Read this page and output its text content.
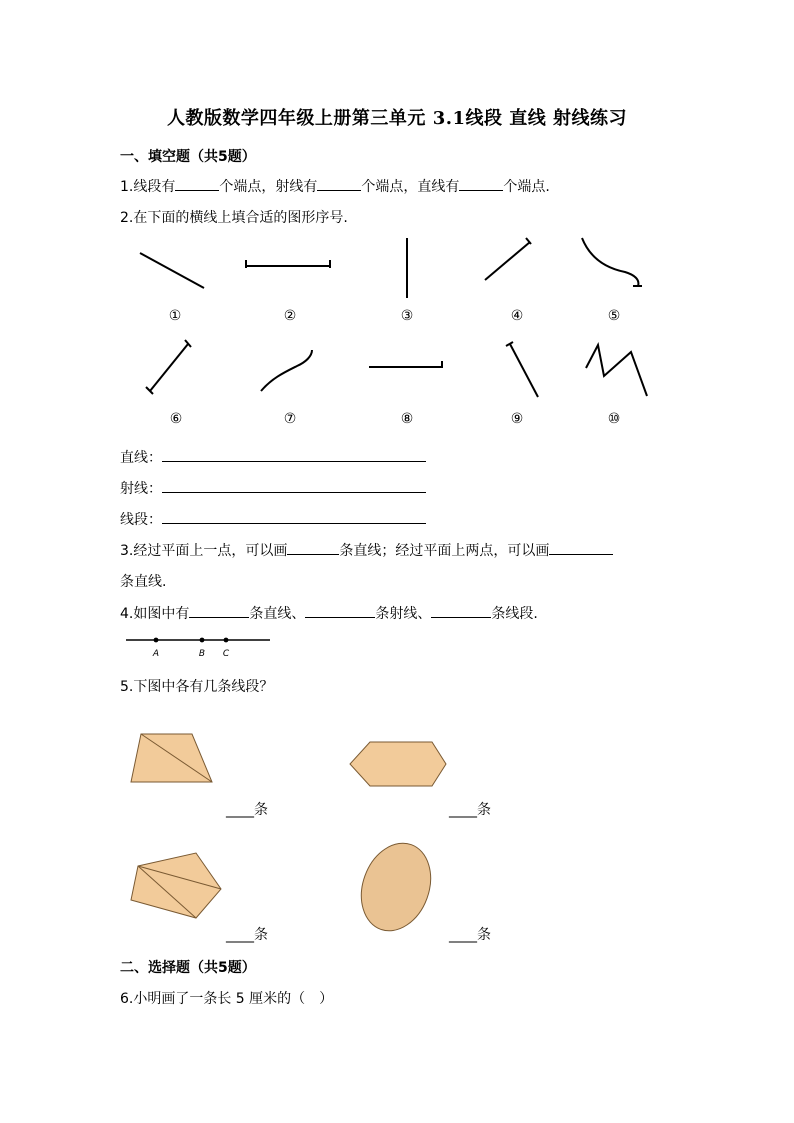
人教版数学四年级上册第三单元 3.1线段 直线 射线练习
一、填空题（共5题）
1.线段有	个端点，射线有	个端点，直线有	个端点.
2.在下面的横线上填合适的图形序号.
①	②	③	④	⑤
⑥	⑦	⑧	⑨	⑩
直线：
射线：
线段：
3.经过平面上一点，可以画	条直线；经过平面上两点，可以画
条直线.
4.如图中有	条直线、	条射线、	条线段.
A	B C
5.下图中各有几条线段？
____条	____条
____条	____条
二、选择题（共5题）
6.小明画了一条长 5 厘米的（　）
